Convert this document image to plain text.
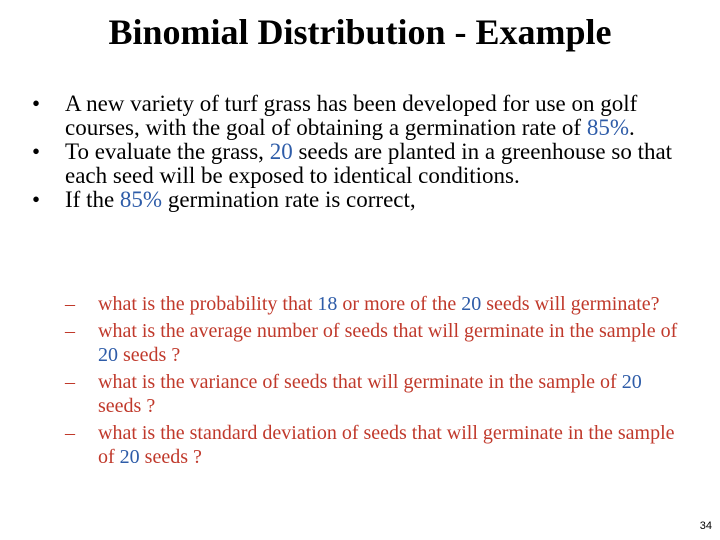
Binomial Distribution - Example
•	A new variety of turf grass has been developed for use on golf courses, with the goal of obtaining a germination rate of 85%.
•	To evaluate the grass, 20 seeds are planted in a greenhouse so that each seed will be exposed to identical conditions.
•	If the 85% germination rate is correct,
– what is the probability that 18 or more of the 20 seeds will germinate?
– what is the average number of seeds that will germinate in the sample of 20 seeds ?
– what is the variance of seeds that will germinate in the sample of 20 seeds ?
– what is the standard deviation of seeds that will germinate in the sample of 20 seeds ?
34
